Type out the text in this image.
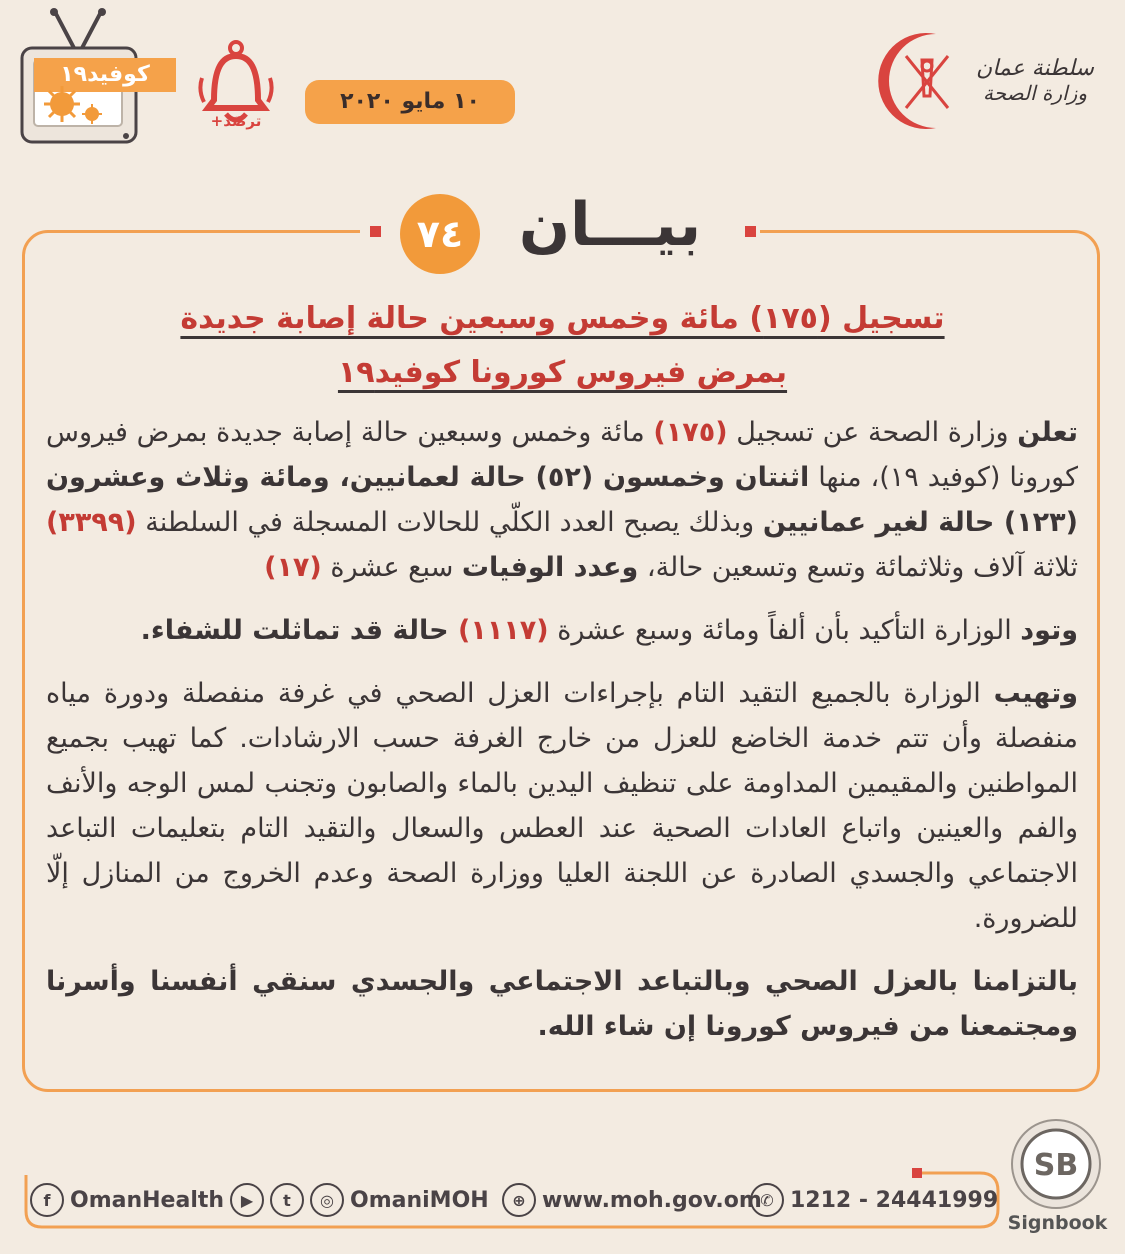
كوفيد١٩
ترصّد+
١٠ مايو ٢٠٢٠
سلطنة عمان
وزارة الصحة
٧٤ بيـــان
تسجيل (١٧٥) مائة وخمس وسبعين حالة إصابة جديدة
بمرض فيروس كورونا كوفيد١٩

تعلن وزارة الصحة عن تسجيل (١٧٥) مائة وخمس وسبعين حالة إصابة جديدة بمرض فيروس كورونا (كوفيد ١٩)، منها اثنتان وخمسون (٥٢) حالة لعمانيين، ومائة وثلاث وعشرون (١٢٣) حالة لغير عمانيين وبذلك يصبح العدد الكلّي للحالات المسجلة في السلطنة (٣٣٩٩) ثلاثة آلاف وثلاثمائة وتسع وتسعين حالة، وعدد الوفيات سبع عشرة (١٧)

وتود الوزارة التأكيد بأن ألفاً ومائة وسبع عشرة (١١١٧) حالة قد تماثلت للشفاء.

وتهيب الوزارة بالجميع التقيد التام بإجراءات العزل الصحي في غرفة منفصلة ودورة مياه منفصلة وأن تتم خدمة الخاضع للعزل من خارج الغرفة حسب الارشادات. كما تهيب بجميع المواطنين والمقيمين المداومة على تنظيف اليدين بالماء والصابون وتجنب لمس الوجه والأنف والفم والعينين واتباع العادات الصحية عند العطس والسعال والتقيد التام بتعليمات التباعد الاجتماعي والجسدي الصادرة عن اللجنة العليا ووزارة الصحة وعدم الخروج من المنازل إلّا للضرورة.

بالتزامنا بالعزل الصحي وبالتباعد الاجتماعي والجسدي سنقي أنفسنا وأسرنا ومجتمعنا من فيروس كورونا إن شاء الله.

f OmanHealth	▶	t	◎ OmaniMOH	⊕ www.moh.gov.om
✆ 1212 - 24441999
SB
Signbook
